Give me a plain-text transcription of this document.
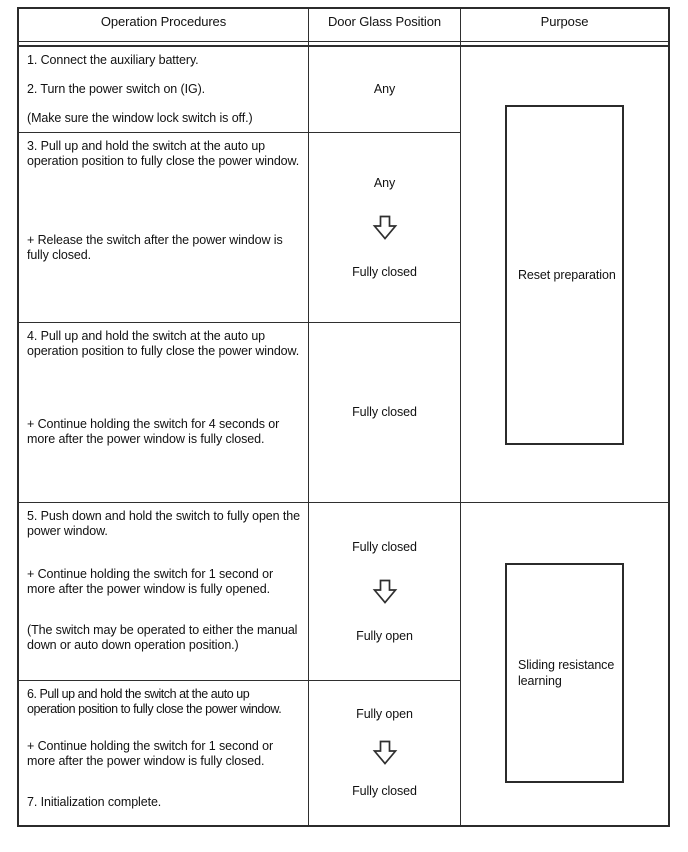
Operation Procedures	Door Glass Position	Purpose

1. Connect the auxiliary battery.

2. Turn the power switch on (IG).

(Make sure the window lock switch is off.)

3. Pull up and hold the switch at the auto up operation position to fully close the power window.

+ Release the switch after the power window is fully closed.

4. Pull up and hold the switch at the auto up operation position to fully close the power window.

+ Continue holding the switch for 4 seconds or more after the power window is fully closed.

5. Push down and hold the switch to fully open the power window.

+ Continue holding the switch for 1 second or more after the power window is fully opened.

(The switch may be operated to either the manual down or auto down operation position.)

6. Pull up and hold the switch at the auto up operation position to fully close the power window.

+ Continue holding the switch for 1 second or more after the power window is fully closed.

7. Initialization complete.

Any
Any
Fully closed
Fully closed
Fully closed
Fully open
Fully open
Fully closed
Reset preparation
Sliding resistance learning
